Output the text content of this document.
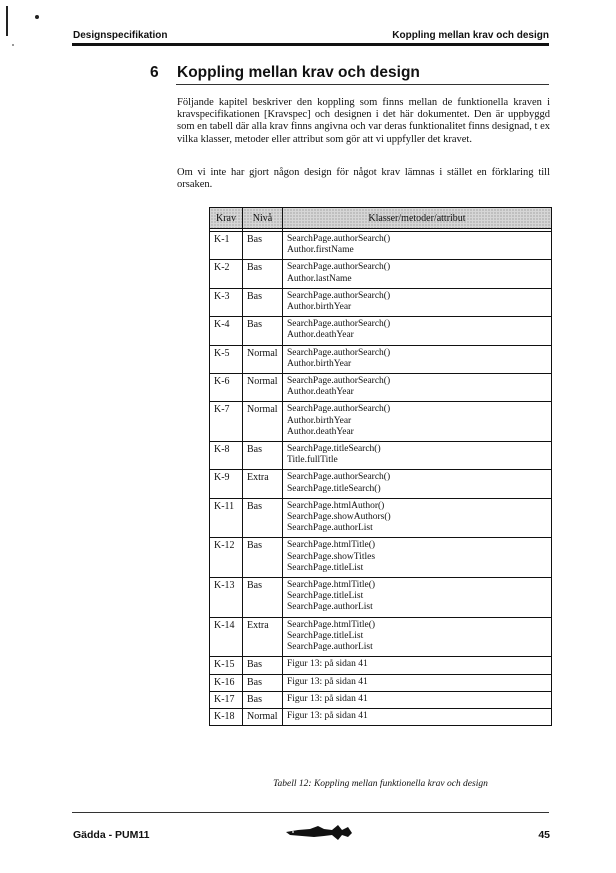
Designspecifikation	Koppling mellan krav och design
6 Koppling mellan krav och design

Följande kapitel beskriver den koppling som finns mellan de funktionella kraven i kravspecifikationen [Kravspec] och designen i det här dokumentet. Den är uppbyggd som en tabell där alla krav finns angivna och var deras funktionalitet finns designad, t ex vilka klasser, metoder eller attribut som gör att vi uppfyller det kravet.

Om vi inte har gjort någon design för något krav lämnas i stället en förklaring till orsaken.

Krav	Nivå	Klasser/metoder/attribut

K-1	Bas	SearchPage.authorSearch()
Author.firstName

K-2	Bas	SearchPage.authorSearch()
Author.lastName

K-3	Bas	SearchPage.authorSearch()
Author.birthYear

K-4	Bas	SearchPage.authorSearch()
Author.deathYear

K-5	Normal	SearchPage.authorSearch()
Author.birthYear

K-6	Normal	SearchPage.authorSearch()
Author.deathYear

K-7	Normal	SearchPage.authorSearch()
Author.birthYear
Author.deathYear

K-8	Bas	SearchPage.titleSearch()
Title.fullTitle

K-9	Extra	SearchPage.authorSearch()
SearchPage.titleSearch()

K-11	Bas	SearchPage.htmlAuthor()
SearchPage.showAuthors()
SearchPage.authorList

K-12	Bas	SearchPage.htmlTitle()
SearchPage.showTitles
SearchPage.titleList

K-13	Bas	SearchPage.htmlTitle()
SearchPage.titleList
SearchPage.authorList

K-14	Extra	SearchPage.htmlTitle()
SearchPage.titleList
SearchPage.authorList

K-15	Bas	Figur 13: på sidan 41

K-16	Bas	Figur 13: på sidan 41

K-17	Bas	Figur 13: på sidan 41

K-18	Normal	Figur 13: på sidan 41
Tabell 12: Koppling mellan funktionella krav och design
Gädda - PUM11	45
